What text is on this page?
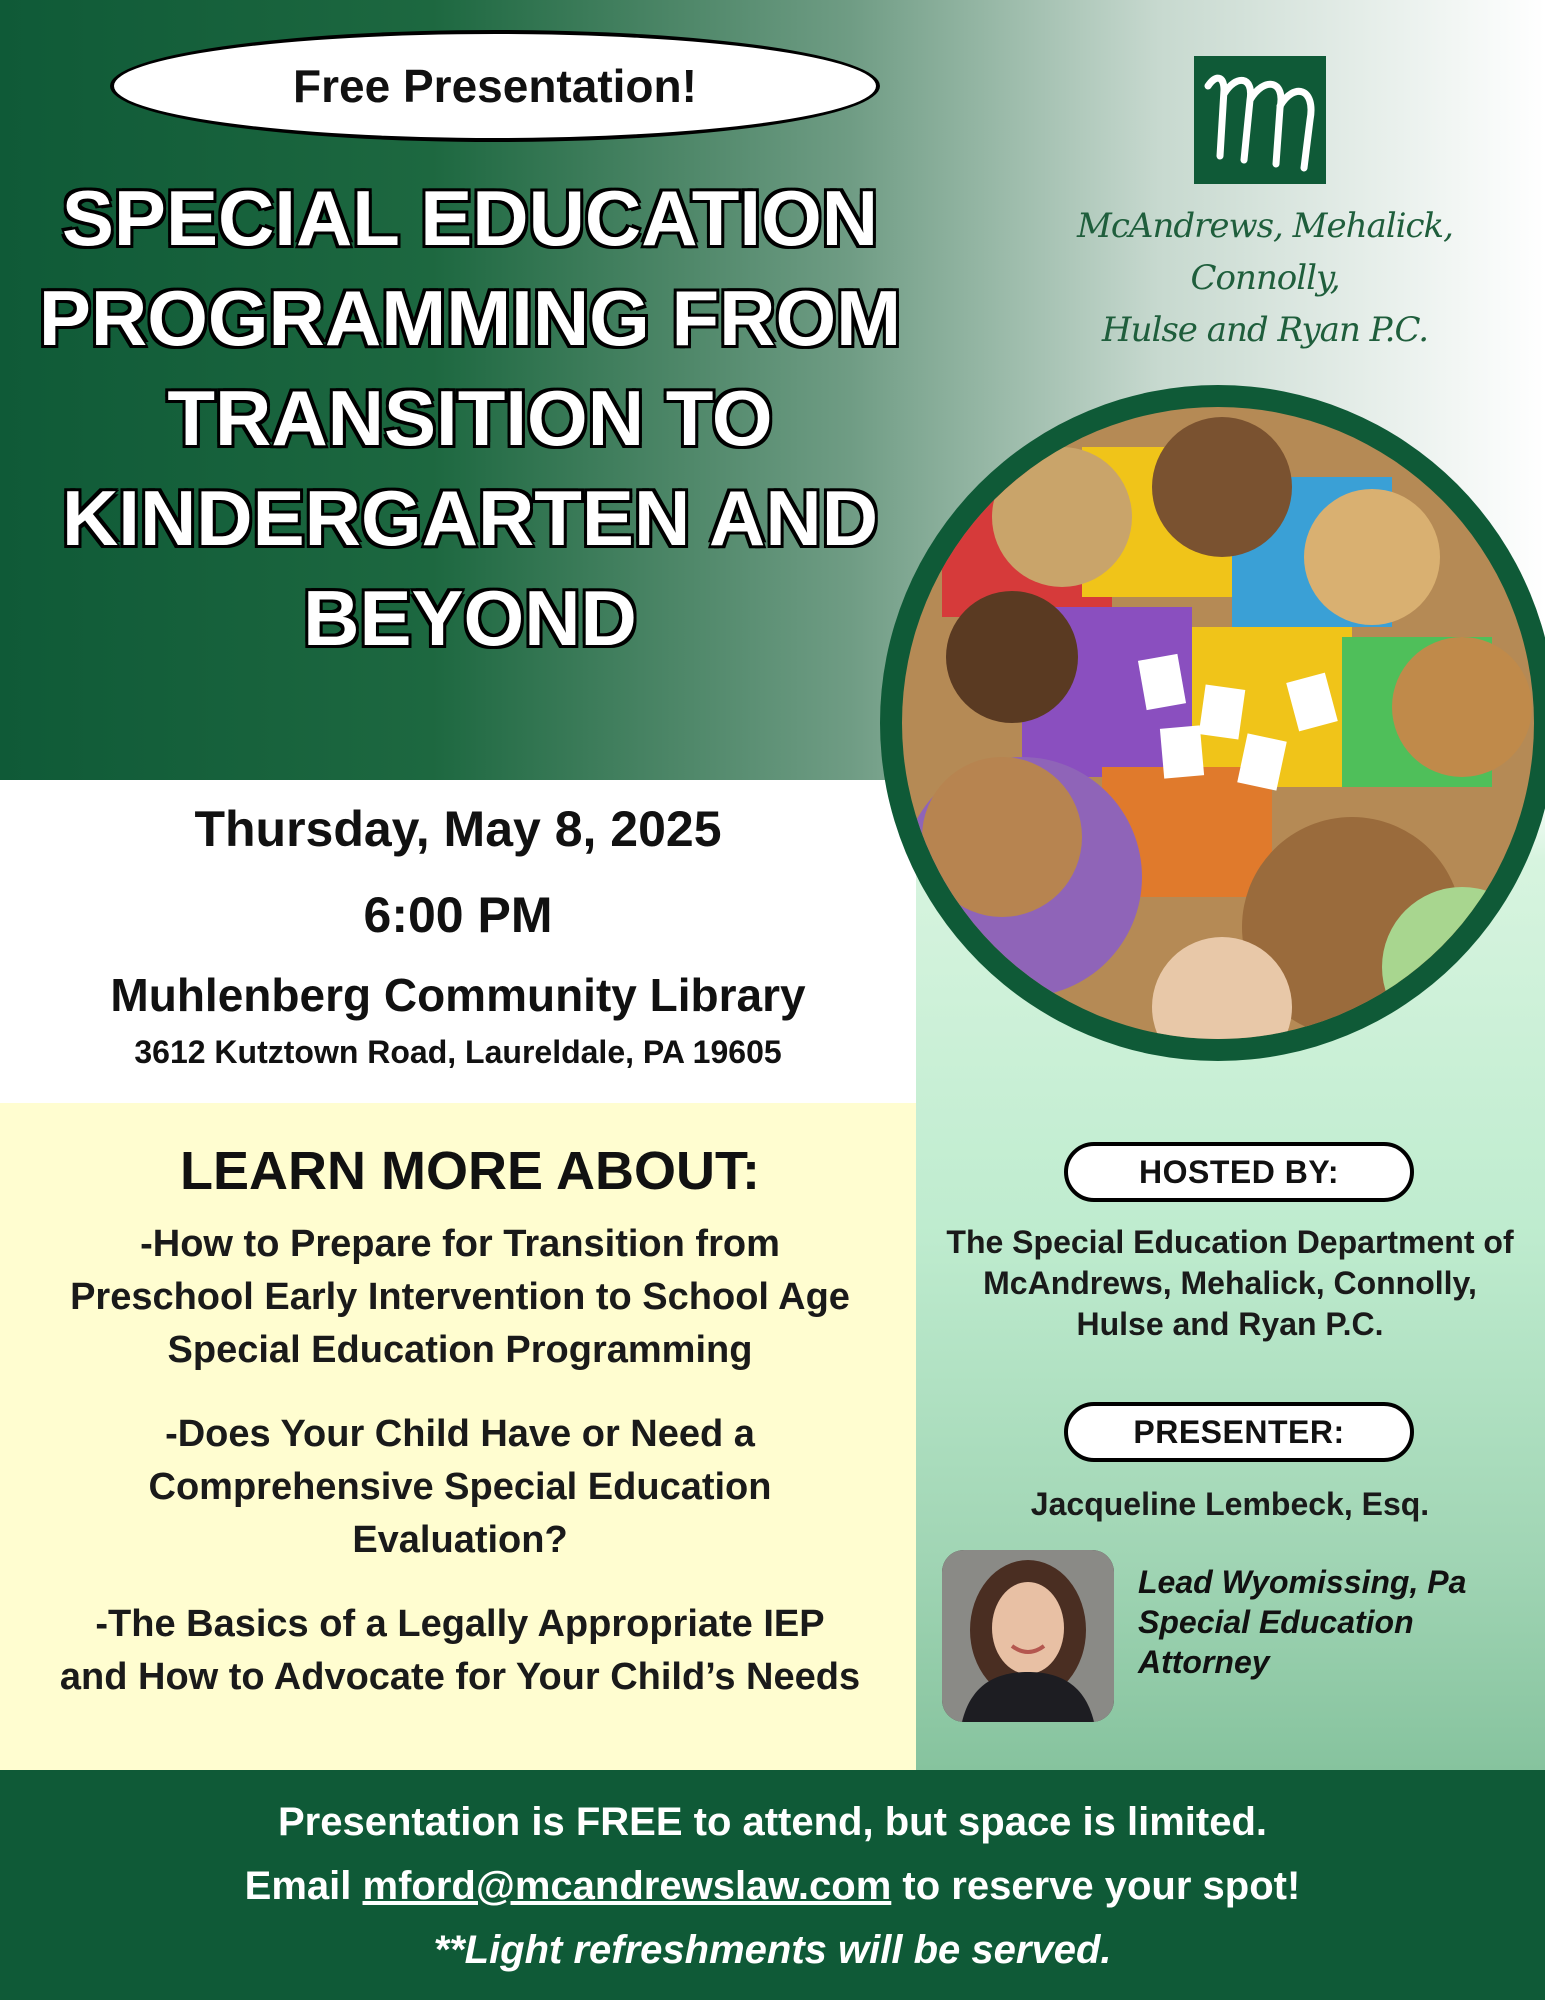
Free Presentation!
SPECIAL EDUCATION
PROGRAMMING FROM
TRANSITION TO
KINDERGARTEN AND
BEYOND
McAndrews, Mehalick, Connolly,
Hulse and Ryan P.C.
Thursday, May 8, 2025
6:00 PM
Muhlenberg Community Library
3612 Kutztown Road, Laureldale, PA 19605
LEARN MORE ABOUT:
-How to Prepare for Transition from
Preschool Early Intervention to School Age
Special Education Programming
-Does Your Child Have or Need a
Comprehensive Special Education
Evaluation?
-The Basics of a Legally Appropriate IEP
and How to Advocate for Your Child’s Needs
HOSTED BY:
The Special Education Department of
McAndrews, Mehalick, Connolly,
Hulse and Ryan P.C.
PRESENTER:
Jacqueline Lembeck, Esq.
Lead Wyomissing, Pa
Special Education
Attorney
Presentation is FREE to attend, but space is limited.
Email mford@mcandrewslaw.com to reserve your spot!
**Light refreshments will be served.
